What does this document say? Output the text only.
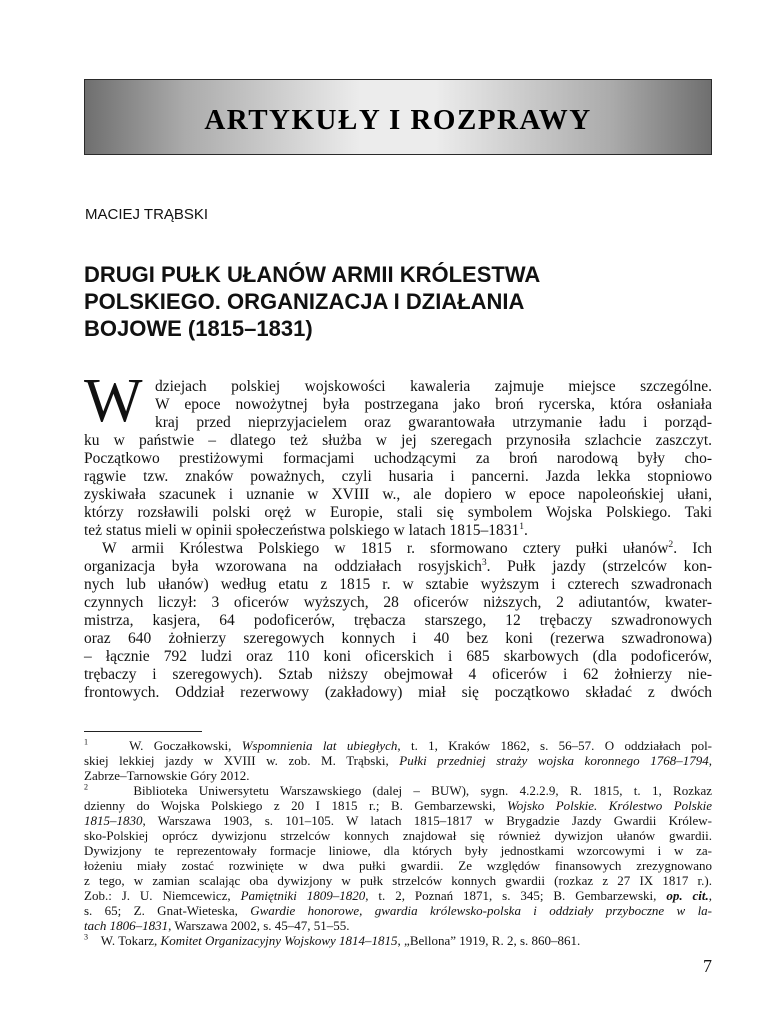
ARTYKUŁY I ROZPRAWY
MACIEJ TRĄBSKI
DRUGI PUŁK UŁANÓW ARMII KRÓLESTWA
POLSKIEGO. ORGANIZACJA I DZIAŁANIA
BOJOWE (1815–1831)
W dziejach polskiej wojskowości kawaleria zajmuje miejsce szczególne.
W epoce nowożytnej była postrzegana jako broń rycerska, która osłaniała
kraj przed nieprzyjacielem oraz gwarantowała utrzymanie ładu i porząd-
ku w państwie – dlatego też służba w jej szeregach przynosiła szlachcie zaszczyt.
Początkowo prestiżowymi formacjami uchodzącymi za broń narodową były cho-
rągwie tzw. znaków poważnych, czyli husaria i pancerni. Jazda lekka stopniowo
zyskiwała szacunek i uznanie w XVIII w., ale dopiero w epoce napoleońskiej ułani,
którzy rozsławili polski oręż w Europie, stali się symbolem Wojska Polskiego. Taki
też status mieli w opinii społeczeństwa polskiego w latach 1815–1831$^1$.
W armii Królestwa Polskiego w 1815 r. sformowano cztery pułki ułanów$^2$. Ich
organizacja była wzorowana na oddziałach rosyjskich$^3$. Pułk jazdy (strzelców kon-
nych lub ułanów) według etatu z 1815 r. w sztabie wyższym i czterech szwadronach
czynnych liczył: 3 oficerów wyższych, 28 oficerów niższych, 2 adiutantów, kwater-
mistrza, kasjera, 64 podoficerów, trębacza starszego, 12 trębaczy szwadronowych
oraz 640 żołnierzy szeregowych konnych i 40 bez koni (rezerwa szwadronowa)
– łącznie 792 ludzi oraz 110 koni oficerskich i 685 skarbowych (dla podoficerów,
trębaczy i szeregowych). Sztab niższy obejmował 4 oficerów i 62 żołnierzy nie-
frontowych. Oddział rezerwowy (zakładowy) miał się początkowo składać z dwóch
$^1$	W. Goczałkowski, Wspomnienia lat ubiegłych, t. 1, Kraków 1862, s. 56–57. O oddziałach pol-
skiej lekkiej jazdy w XVIII w. zob. M. Trąbski, Pułki przedniej straży wojska koronnego 1768–1794,
Zabrze–Tarnowskie Góry 2012.
$^2$	Biblioteka Uniwersytetu Warszawskiego (dalej – BUW), sygn. 4.2.2.9, R. 1815, t. 1, Rozkaz
dzienny do Wojska Polskiego z 20 I 1815 r.; B. Gembarzewski, Wojsko Polskie. Królestwo Polskie
1815–1830, Warszawa 1903, s. 101–105. W latach 1815–1817 w Brygadzie Jazdy Gwardii Królew-
sko-Polskiej oprócz dywizjonu strzelców konnych znajdował się również dywizjon ułanów gwardii.
Dywizjony te reprezentowały formacje liniowe, dla których były jednostkami wzorcowymi i w za-
łożeniu miały zostać rozwinięte w dwa pułki gwardii. Ze względów finansowych zrezygnowano
z tego, w zamian scalając oba dywizjony w pułk strzelców konnych gwardii (rozkaz z 27 IX 1817 r.).
Zob.: J. U. Niemcewicz, Pamiętniki 1809–1820, t. 2, Poznań 1871, s. 345; B. Gembarzewski, op. cit.,
s. 65; Z. Gnat-Wieteska, Gwardie honorowe, gwardia królewsko-polska i oddziały przyboczne w la-
tach 1806–1831, Warszawa 2002, s. 45–47, 51–55.
$^3$ W. Tokarz, Komitet Organizacyjny Wojskowy 1814–1815, „Bellona” 1919, R. 2, s. 860–861.
7
